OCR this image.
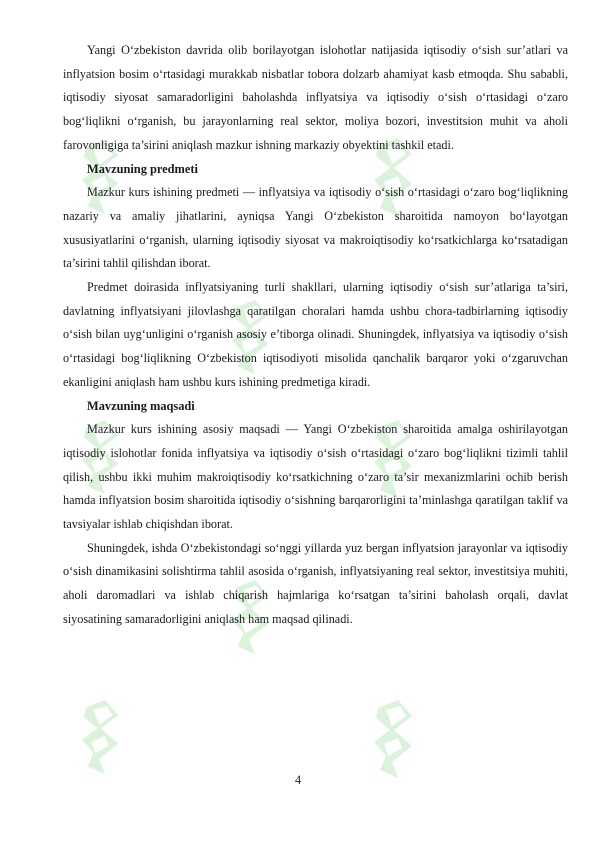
Yangi O‘zbekiston davrida olib borilayotgan islohotlar natijasida iqtisodiy o‘sish sur’atlari va inflyatsion bosim o‘rtasidagi murakkab nisbatlar tobora dolzarb ahamiyat kasb etmoqda. Shu sababli, iqtisodiy siyosat samaradorligini baholashda inflyatsiya va iqtisodiy o‘sish o‘rtasidagi o‘zaro bog‘liqlikni o‘rganish, bu jarayonlarning real sektor, moliya bozori, investitsion muhit va aholi farovonligiga ta’sirini aniqlash mazkur ishning markaziy obyektini tashkil etadi.

Mavzuning predmeti

Mazkur kurs ishining predmeti — inflyatsiya va iqtisodiy o‘sish o‘rtasidagi o‘zaro bog‘liqlikning nazariy va amaliy jihatlarini, ayniqsa Yangi O‘zbekiston sharoitida namoyon bo‘layotgan xususiyatlarini o‘rganish, ularning iqtisodiy siyosat va makroiqtisodiy ko‘rsatkichlarga ko‘rsatadigan ta’sirini tahlil qilishdan iborat.

Predmet doirasida inflyatsiyaning turli shakllari, ularning iqtisodiy o‘sish sur’atlariga ta’siri, davlatning inflyatsiyani jilovlashga qaratilgan choralari hamda ushbu chora-tadbirlarning iqtisodiy o‘sish bilan uyg‘unligini o‘rganish asosiy e’tiborga olinadi. Shuningdek, inflyatsiya va iqtisodiy o‘sish o‘rtasidagi bog‘liqlikning O‘zbekiston iqtisodiyoti misolida qanchalik barqaror yoki o‘zgaruvchan ekanligini aniqlash ham ushbu kurs ishining predmetiga kiradi.

Mavzuning maqsadi

Mazkur kurs ishining asosiy maqsadi — Yangi O‘zbekiston sharoitida amalga oshirilayotgan iqtisodiy islohotlar fonida inflyatsiya va iqtisodiy o‘sish o‘rtasidagi o‘zaro bog‘liqlikni tizimli tahlil qilish, ushbu ikki muhim makroiqtisodiy ko‘rsatkichning o‘zaro ta’sir mexanizmlarini ochib berish hamda inflyatsion bosim sharoitida iqtisodiy o‘sishning barqarorligini ta’minlashga qaratilgan taklif va tavsiyalar ishlab chiqishdan iborat.

Shuningdek, ishda O‘zbekistondagi so‘nggi yillarda yuz bergan inflyatsion jarayonlar va iqtisodiy o‘sish dinamikasini solishtirma tahlil asosida o‘rganish, inflyatsiyaning real sektor, investitsiya muhiti, aholi daromadlari va ishlab chiqarish hajmlariga ko‘rsatgan ta’sirini baholash orqali, davlat siyosatining samaradorligini aniqlash ham maqsad qilinadi.

4
